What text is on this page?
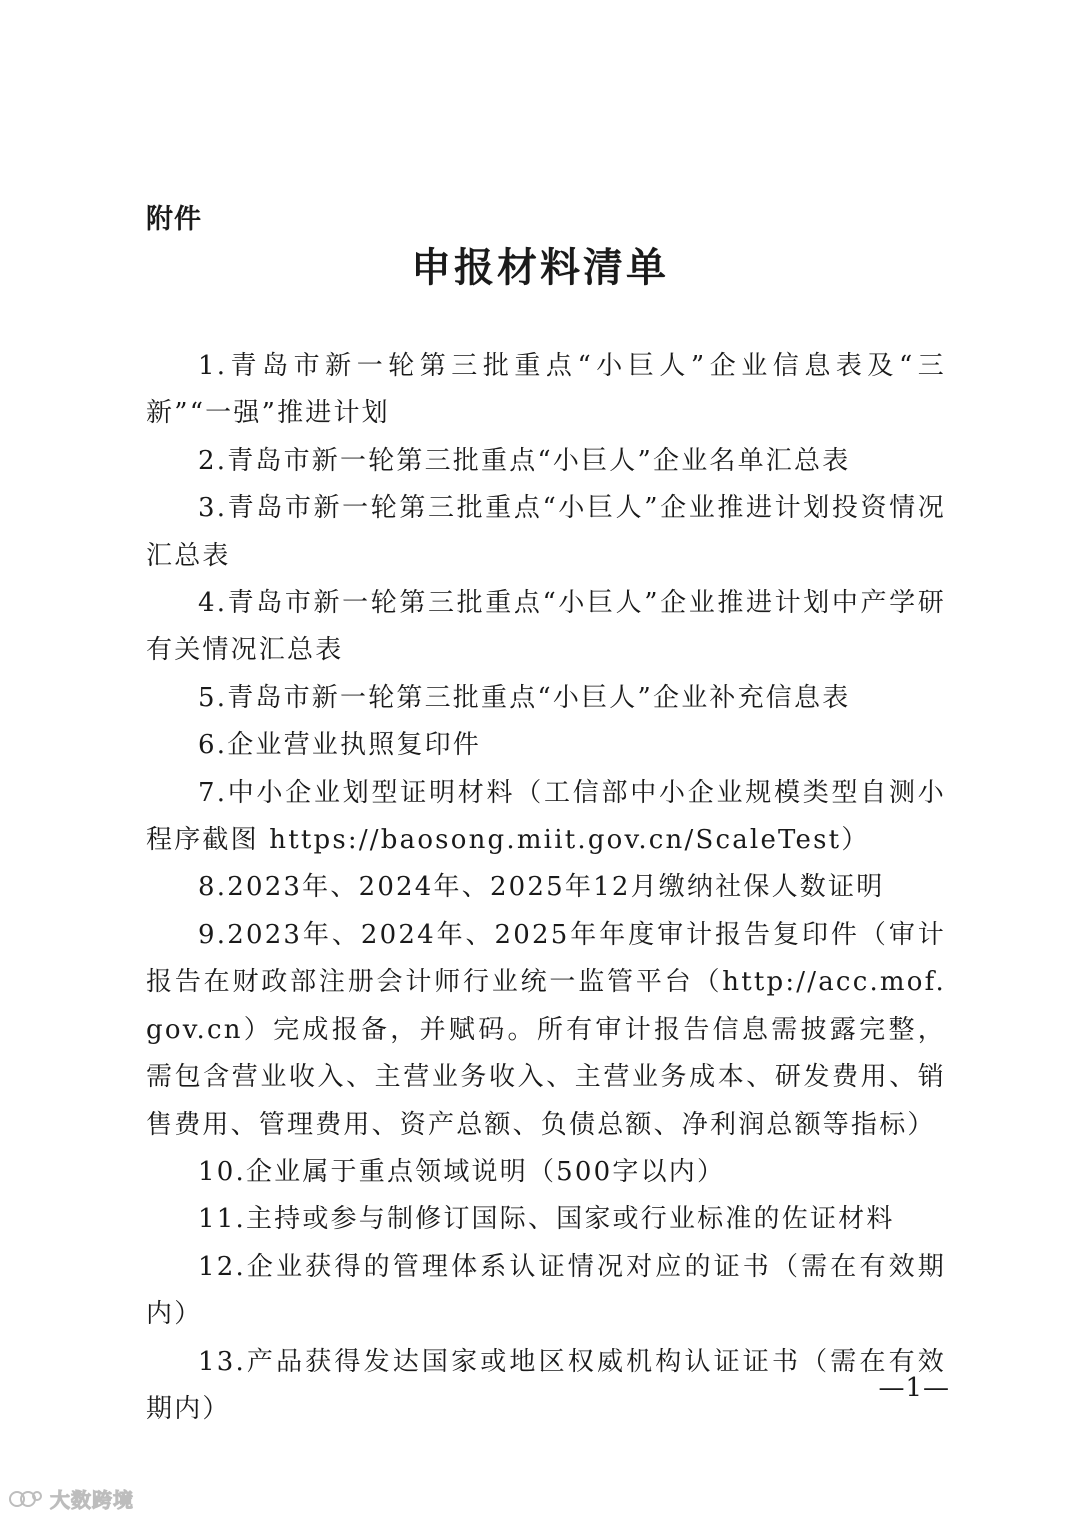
附件
申报材料清单

1.青岛市新一轮第三批重点“小巨人”企业信息表及“三新”“一强”推进计划

2.青岛市新一轮第三批重点“小巨人”企业名单汇总表

3.青岛市新一轮第三批重点“小巨人”企业推进计划投资情况汇总表

4.青岛市新一轮第三批重点“小巨人”企业推进计划中产学研有关情况汇总表

5.青岛市新一轮第三批重点“小巨人”企业补充信息表

6.企业营业执照复印件

7.中小企业划型证明材料（工信部中小企业规模类型自测小程序截图 https://baosong.miit.gov.cn/ScaleTest）

8.2023年、2024年、2025年12月缴纳社保人数证明

9.2023年、2024年、2025年年度审计报告复印件（审计报告在财政部注册会计师行业统一监管平台（http://acc.mof.gov.cn）完成报备，并赋码。所有审计报告信息需披露完整，需包含营业收入、主营业务收入、主营业务成本、研发费用、销售费用、管理费用、资产总额、负债总额、净利润总额等指标）

10.企业属于重点领域说明（500字以内）

11.主持或参与制修订国际、国家或行业标准的佐证材料

12.企业获得的管理体系认证情况对应的证书（需在有效期内）

13.产品获得发达国家或地区权威机构认证证书（需在有效期内）

—1—
大数跨境
